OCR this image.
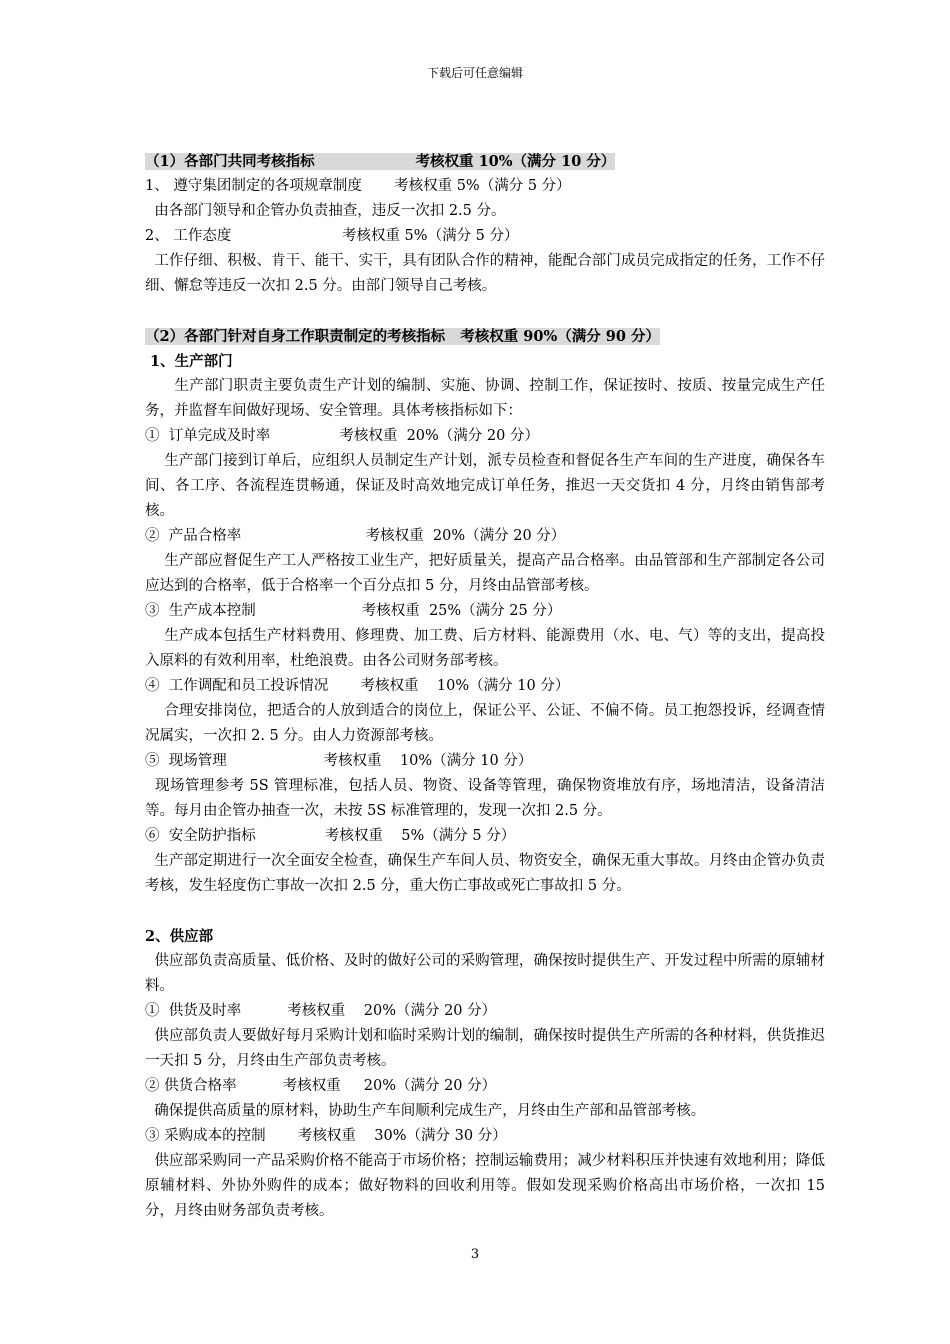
下载后可任意编辑
（1）各部门共同考核指标                    考核权重 10%（满分 10 分）
1、 遵守集团制定的各项规章制度       考核权重 5%（满分 5 分）
由各部门领导和企管办负责抽查，违反一次扣 2.5 分。
2、 工作态度                        考核权重 5%（满分 5 分）
工作仔细、积极、肯干、能干、实干，具有团队合作的精神，能配合部门成员完成指定的任务，工作不仔细、懈怠等违反一次扣 2.5 分。由部门领导自己考核。
（2）各部门针对自身工作职责制定的考核指标   考核权重 90%（满分 90 分）
1、生产部门
生产部门职责主要负责生产计划的编制、实施、协调、控制工作，保证按时、按质、按量完成生产任务，并监督车间做好现场、安全管理。具体考核指标如下：
①  订单完成及时率               考核权重  20%（满分 20 分）
生产部门接到订单后，应组织人员制定生产计划，派专员检查和督促各生产车间的生产进度，确保各车间、各工序、各流程连贯畅通，保证及时高效地完成订单任务，推迟一天交货扣 4 分，月终由销售部考核。
②  产品合格率                           考核权重  20%（满分 20 分）
生产部应督促生产工人严格按工业生产，把好质量关，提高产品合格率。由品管部和生产部制定各公司应达到的合格率，低于合格率一个百分点扣 5 分，月终由品管部考核。
③  生产成本控制                       考核权重  25%（满分 25 分）
生产成本包括生产材料费用、修理费、加工费、后方材料、能源费用（水、电、气）等的支出，提高投入原料的有效利用率，杜绝浪费。由各公司财务部考核。
④  工作调配和员工投诉情况       考核权重    10%（满分 10 分）
合理安排岗位，把适合的人放到适合的岗位上，保证公平、公证、不偏不倚。员工抱怨投诉，经调查情况属实，一次扣 2. 5 分。由人力资源部考核。
⑤  现场管理                     考核权重    10%（满分 10 分）
现场管理参考 5S 管理标准，包括人员、物资、设备等管理，确保物资堆放有序，场地清洁，设备清洁等。每月由企管办抽查一次，未按 5S 标准管理的，发现一次扣 2.5 分。
⑥  安全防护指标               考核权重    5%（满分 5 分）
生产部定期进行一次全面安全检查，确保生产车间人员、物资安全，确保无重大事故。月终由企管办负责考核，发生轻度伤亡事故一次扣 2.5 分，重大伤亡事故或死亡事故扣 5 分。
2、供应部
供应部负责高质量、低价格、及时的做好公司的采购管理，确保按时提供生产、开发过程中所需的原辅材料。
①  供货及时率          考核权重    20%（满分 20 分）
供应部负责人要做好每月采购计划和临时采购计划的编制，确保按时提供生产所需的各种材料，供货推迟一天扣 5 分，月终由生产部负责考核。
② 供货合格率          考核权重     20%（满分 20 分）
确保提供高质量的原材料，协助生产车间顺利完成生产，月终由生产部和品管部考核。
③ 采购成本的控制       考核权重    30%（满分 30 分）
供应部采购同一产品采购价格不能高于市场价格；控制运输费用；减少材料积压并快速有效地利用；降低原辅材料、外协外购件的成本；做好物料的回收利用等。假如发现采购价格高出市场价格，一次扣 15 分，月终由财务部负责考核。
3
